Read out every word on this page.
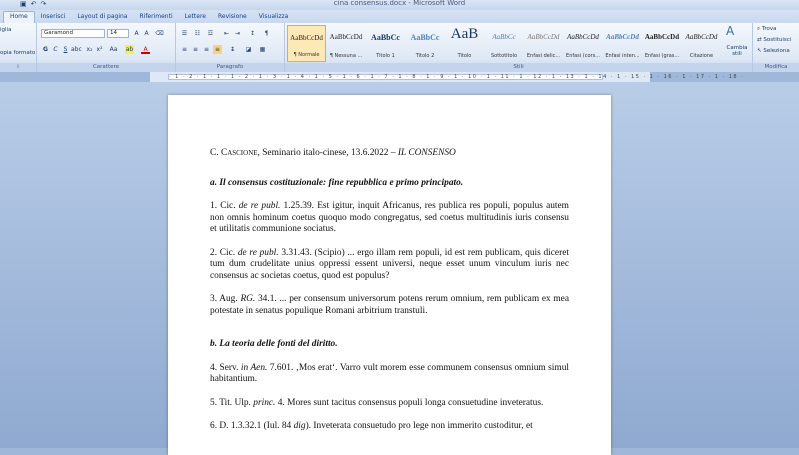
cina consensus.docx - Microsoft Word
▣ ↶ ↷
Home	Inserisci	Layout di pagina	Riferimenti	Lettere	Revisione	Visualizza
iglia
opia formato
i
Garamond	14	A A	⌫
G C	S abc x₂ x² Aa ab	A
Carattere
☰	☷	☲	⇤ ⇥	↕	¶
≡ ≡ ≡ ≡	↨	◪ ▦
Paragrafo	Stili
A
Cambia stili
AaBbCcDd
¶ Normale
AaBbCcDd
¶ Nessuna ...
AaBbCc
Titolo 1
AaBbCc
Titolo 2
AaB
Titolo
AaBbCc
Sottotitolo
AaBbCcDd
Enfasi delic...
AaBbCcDd
Enfasi (cors...
AaBbCcDd
Enfasi inten...
AaBbCcDd
Enfasi (gras...
AaBbCcDd
Citazione
⌕ Trova
⇄ Sostituisci
↖ Seleziona
Modifica
· 1 · 2 · 1 · 1 · 1 · 2 · 1 · 3 · 1 · 4 · 1 · 5 · 1 · 6 · 1 · 7 · 1 · 8 · 1 · 9 · 1 · 10 · 1 · 11 · 1 · 12 · 1 · 13 · 1 · 14 · 1 · 15 · 1 · 16 · 1 · 17 · 1 · 18 ·

C. Cascione, Seminario italo-cinese, 13.6.2022 – IL CONSENSO

a. Il consensus costituzionale: fine repubblica e primo principato.

1. Cic. de re publ. 1.25.39. Est igitur, inquit Africanus, res publica res populi, populus autem non omnis hominum coetus quoquo modo congregatus, sed coetus multitudinis iuris consensu et utilitatis communione sociatus.

2. Cic. de re publ. 3.31.43. (Scipio) ... ergo illam rem populi, id est rem publicam, quis diceret tum dum crudelitate unius oppressi essent universi, neque esset unum vinculum iuris nec consensus ac societas coetus, quod est populus?

3. Aug. RG. 34.1. ... per consensum universorum potens rerum omnium, rem publicam ex mea potestate in senatus populique Romani arbitrium transtuli.

b. La teoria delle fonti del diritto.

4. Serv. in Aen. 7.601. ‚Mos erat‘. Varro vult morem esse communem consensus omnium simul habitantium.

5. Tit. Ulp. princ. 4. Mores sunt tacitus consensus populi longa consuetudine inveteratus.

6. D. 1.3.32.1 (Iul. 84 dig). Inveterata consuetudo pro lege non immerito custoditur, et
